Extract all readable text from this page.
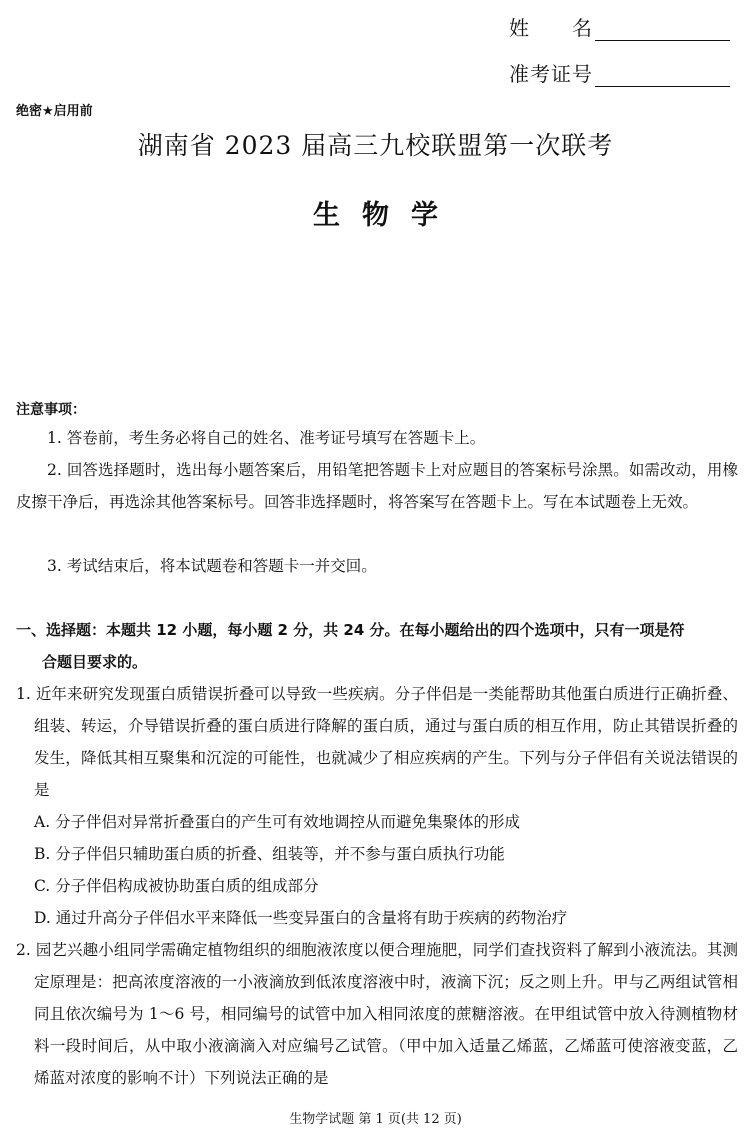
姓　　名
准考证号
绝密★启用前
湖南省 2023 届高三九校联盟第一次联考
生物学
注意事项：
1. 答卷前，考生务必将自己的姓名、准考证号填写在答题卡上。
2. 回答选择题时，选出每小题答案后，用铅笔把答题卡上对应题目的答案标号涂黑。如需改动，用橡皮擦干净后，再选涂其他答案标号。回答非选择题时，将答案写在答题卡上。写在本试题卷上无效。
3. 考试结束后，将本试题卷和答题卡一并交回。
一、选择题：本题共 12 小题，每小题 2 分，共 24 分。在每小题给出的四个选项中，只有一项是符
合题目要求的。
1. 近年来研究发现蛋白质错误折叠可以导致一些疾病。分子伴侣是一类能帮助其他蛋白质进行正确折叠、组装、转运，介导错误折叠的蛋白质进行降解的蛋白质，通过与蛋白质的相互作用，防止其错误折叠的发生，降低其相互聚集和沉淀的可能性，也就减少了相应疾病的产生。下列与分子伴侣有关说法错误的是
A. 分子伴侣对异常折叠蛋白的产生可有效地调控从而避免集聚体的形成
B. 分子伴侣只辅助蛋白质的折叠、组装等，并不参与蛋白质执行功能
C. 分子伴侣构成被协助蛋白质的组成部分
D. 通过升高分子伴侣水平来降低一些变异蛋白的含量将有助于疾病的药物治疗
2. 园艺兴趣小组同学需确定植物组织的细胞液浓度以便合理施肥，同学们查找资料了解到小液流法。其测定原理是：把高浓度溶液的一小液滴放到低浓度溶液中时，液滴下沉；反之则上升。甲与乙两组试管相同且依次编号为 1～6 号，相同编号的试管中加入相同浓度的蔗糖溶液。在甲组试管中放入待测植物材料一段时间后，从中取小液滴滴入对应编号乙试管。（甲中加入适量乙烯蓝，乙烯蓝可使溶液变蓝，乙烯蓝对浓度的影响不计）下列说法正确的是
生物学试题 第 1 页(共 12 页)
